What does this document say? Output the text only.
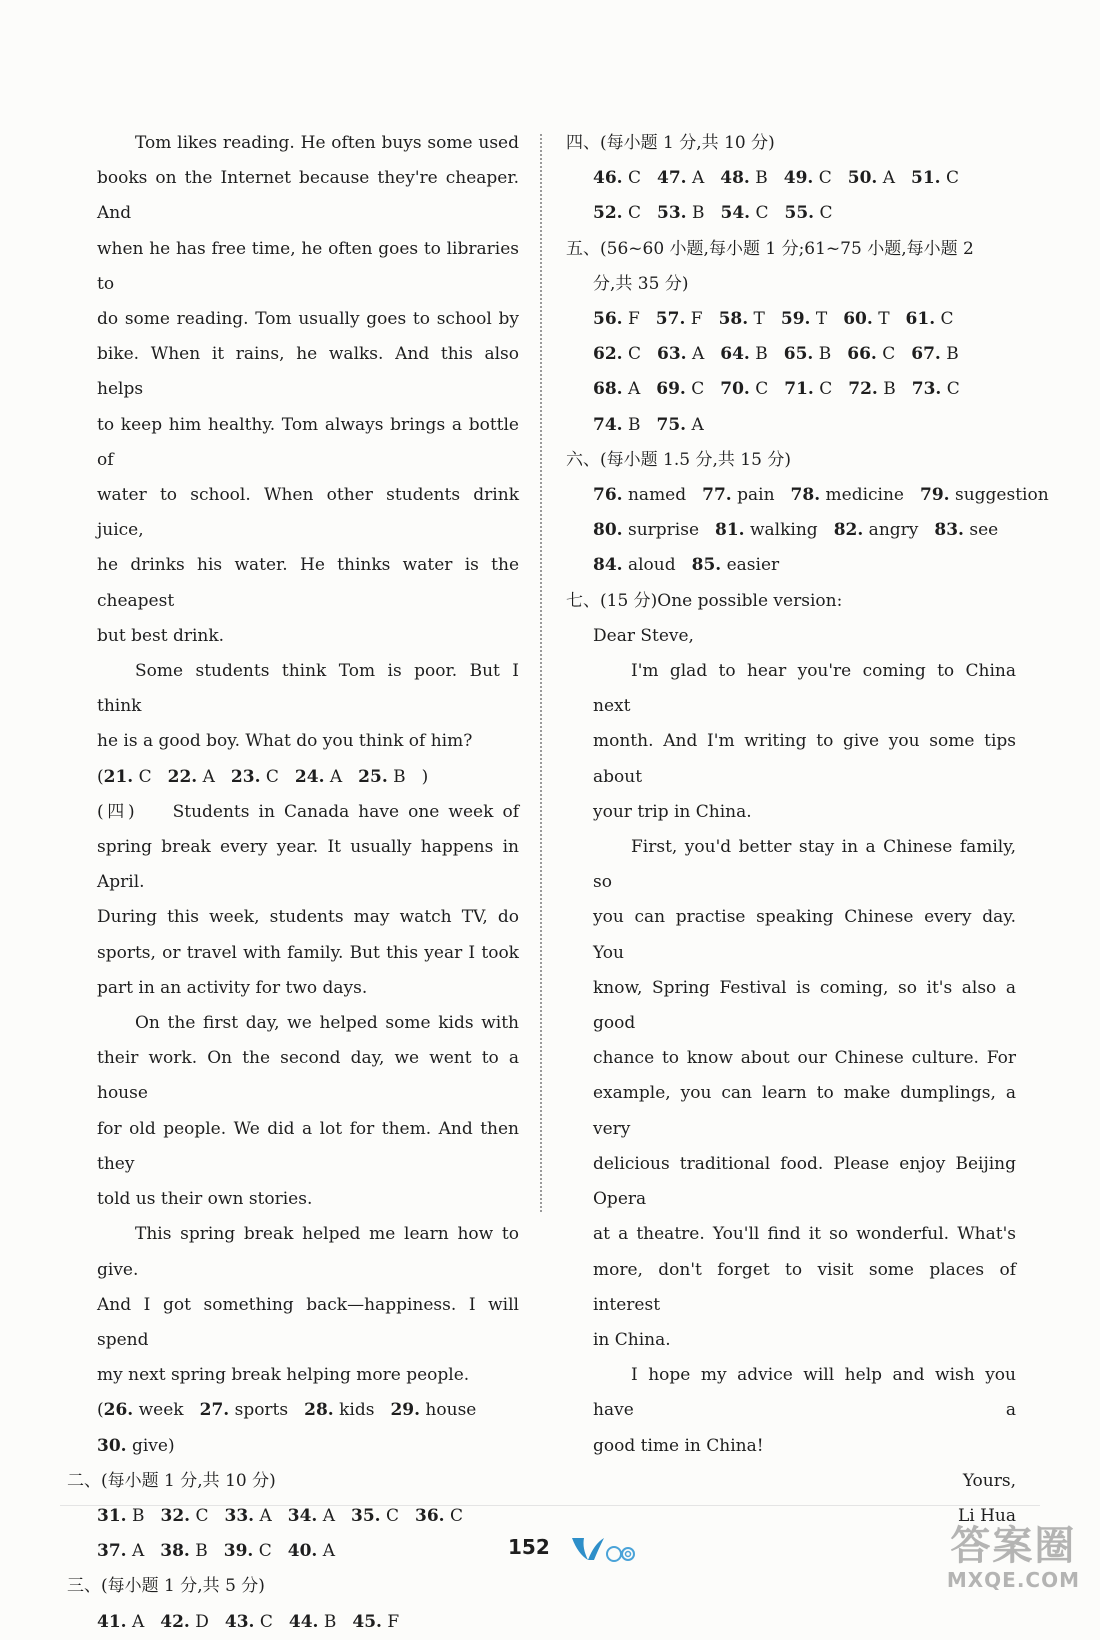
Tom likes reading. He often buys some used

books on the Internet because they're cheaper. And

when he has free time, he often goes to libraries to

do some reading. Tom usually goes to school by

bike. When it rains, he walks. And this also helps

to keep him healthy. Tom always brings a bottle of

water to school. When other students drink juice,

he drinks his water. He thinks water is the cheapest

but best drink.

Some students think Tom is poor. But I think

he is a good boy. What do you think of him?

(21. C 22. A 23. C 24. A 25. B )

(四) Students in Canada have one week of

spring break every year. It usually happens in April.

During this week, students may watch TV, do

sports, or travel with family. But this year I took

part in an activity for two days.

On the first day, we helped some kids with

their work. On the second day, we went to a house

for old people. We did a lot for them. And then they

told us their own stories.

This spring break helped me learn how to give.

And I got something back—happiness. I will spend

my next spring break helping more people.

(26. week 27. sports 28. kids 29. house

30. give)

二、(每小题 1 分,共 10 分)

31. B 32. C 33. A 34. A 35. C 36. C

37. A 38. B 39. C 40. A

三、(每小题 1 分,共 5 分)

41. A 42. D 43. C 44. B 45. F

四、(每小题 1 分,共 10 分)

46. C 47. A 48. B 49. C 50. A 51. C

52. C 53. B 54. C 55. C

五、(56~60 小题,每小题 1 分;61~75 小题,每小题 2

分,共 35 分)

56. F 57. F 58. T 59. T 60. T 61. C

62. C 63. A 64. B 65. B 66. C 67. B

68. A 69. C 70. C 71. C 72. B 73. C

74. B 75. A

六、(每小题 1.5 分,共 15 分)

76. named 77. pain 78. medicine 79. suggestion

80. surprise 81. walking 82. angry 83. see

84. aloud 85. easier

七、(15 分)One possible version:

Dear Steve,

I'm glad to hear you're coming to China next

month. And I'm writing to give you some tips about

your trip in China.

First, you'd better stay in a Chinese family, so

you can practise speaking Chinese every day. You

know, Spring Festival is coming, so it's also a good

chance to know about our Chinese culture. For

example, you can learn to make dumplings, a very

delicious traditional food. Please enjoy Beijing Opera

at a theatre. You'll find it so wonderful. What's

more, don't forget to visit some places of interest

in China.

I hope my advice will help and wish you have a

good time in China!

Yours,

Li Hua

152	答案圈
MXQE.COM
